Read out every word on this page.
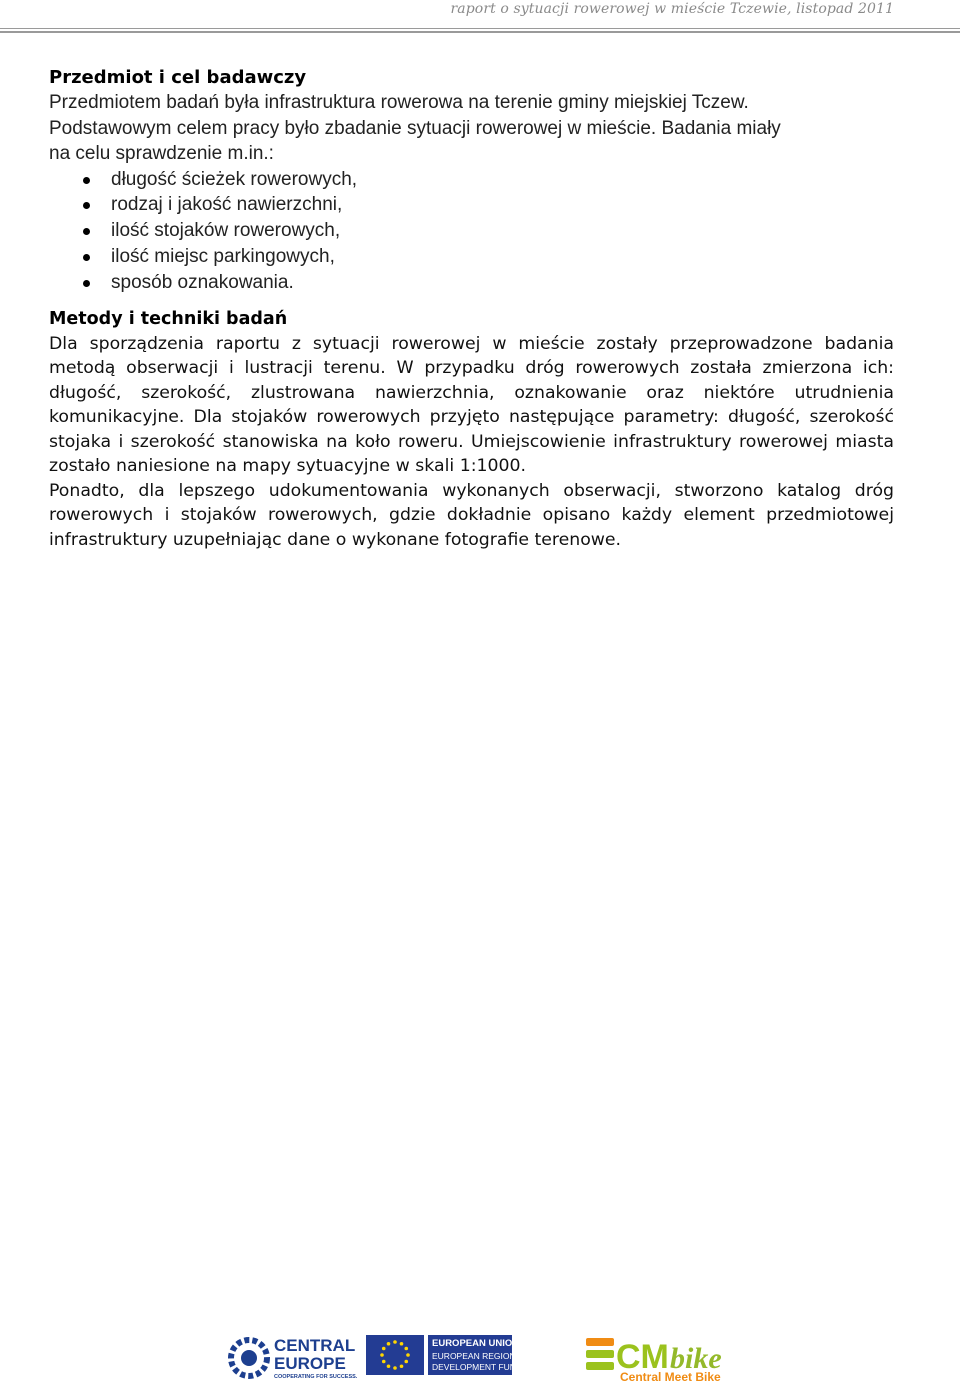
raport o sytuacji rowerowej w mieście Tczewie, listopad 2011
Przedmiot i cel badawczy

Przedmiotem badań była infrastruktura rowerowa na terenie gminy miejskiej Tczew.

Podstawowym celem pracy było zbadanie sytuacji rowerowej w mieście. Badania miały

na celu sprawdzenie m.in.:

długość ścieżek rowerowych,
rodzaj i jakość nawierzchni,
ilość stojaków rowerowych,
ilość miejsc parkingowych,
sposób oznakowania.
Metody i techniki badań

Dla sporządzenia raportu z sytuacji rowerowej w mieście zostały przeprowadzone badania metodą obserwacji i lustracji terenu. W przypadku dróg rowerowych została zmierzona ich: długość, szerokość, zlustrowana nawierzchnia, oznakowanie oraz niektóre utrudnienia komunikacyjne. Dla stojaków rowerowych przyjęto następujące parametry: długość, szerokość stojaka i szerokość stanowiska na koło roweru. Umiejscowienie infrastruktury rowerowej miasta zostało naniesione na mapy sytuacyjne w skali 1:1000.

Ponadto, dla lepszego udokumentowania wykonanych obserwacji, stworzono katalog dróg rowerowych i stojaków rowerowych, gdzie dokładnie opisano każdy element przedmiotowej infrastruktury uzupełniając dane o wykonane fotografie terenowe.

CENTRAL
EUROPE
COOPERATING FOR SUCCESS.
EUROPEAN UNION
EUROPEAN REGIONAL
DEVELOPMENT FUND	CM bike
Central Meet Bike
